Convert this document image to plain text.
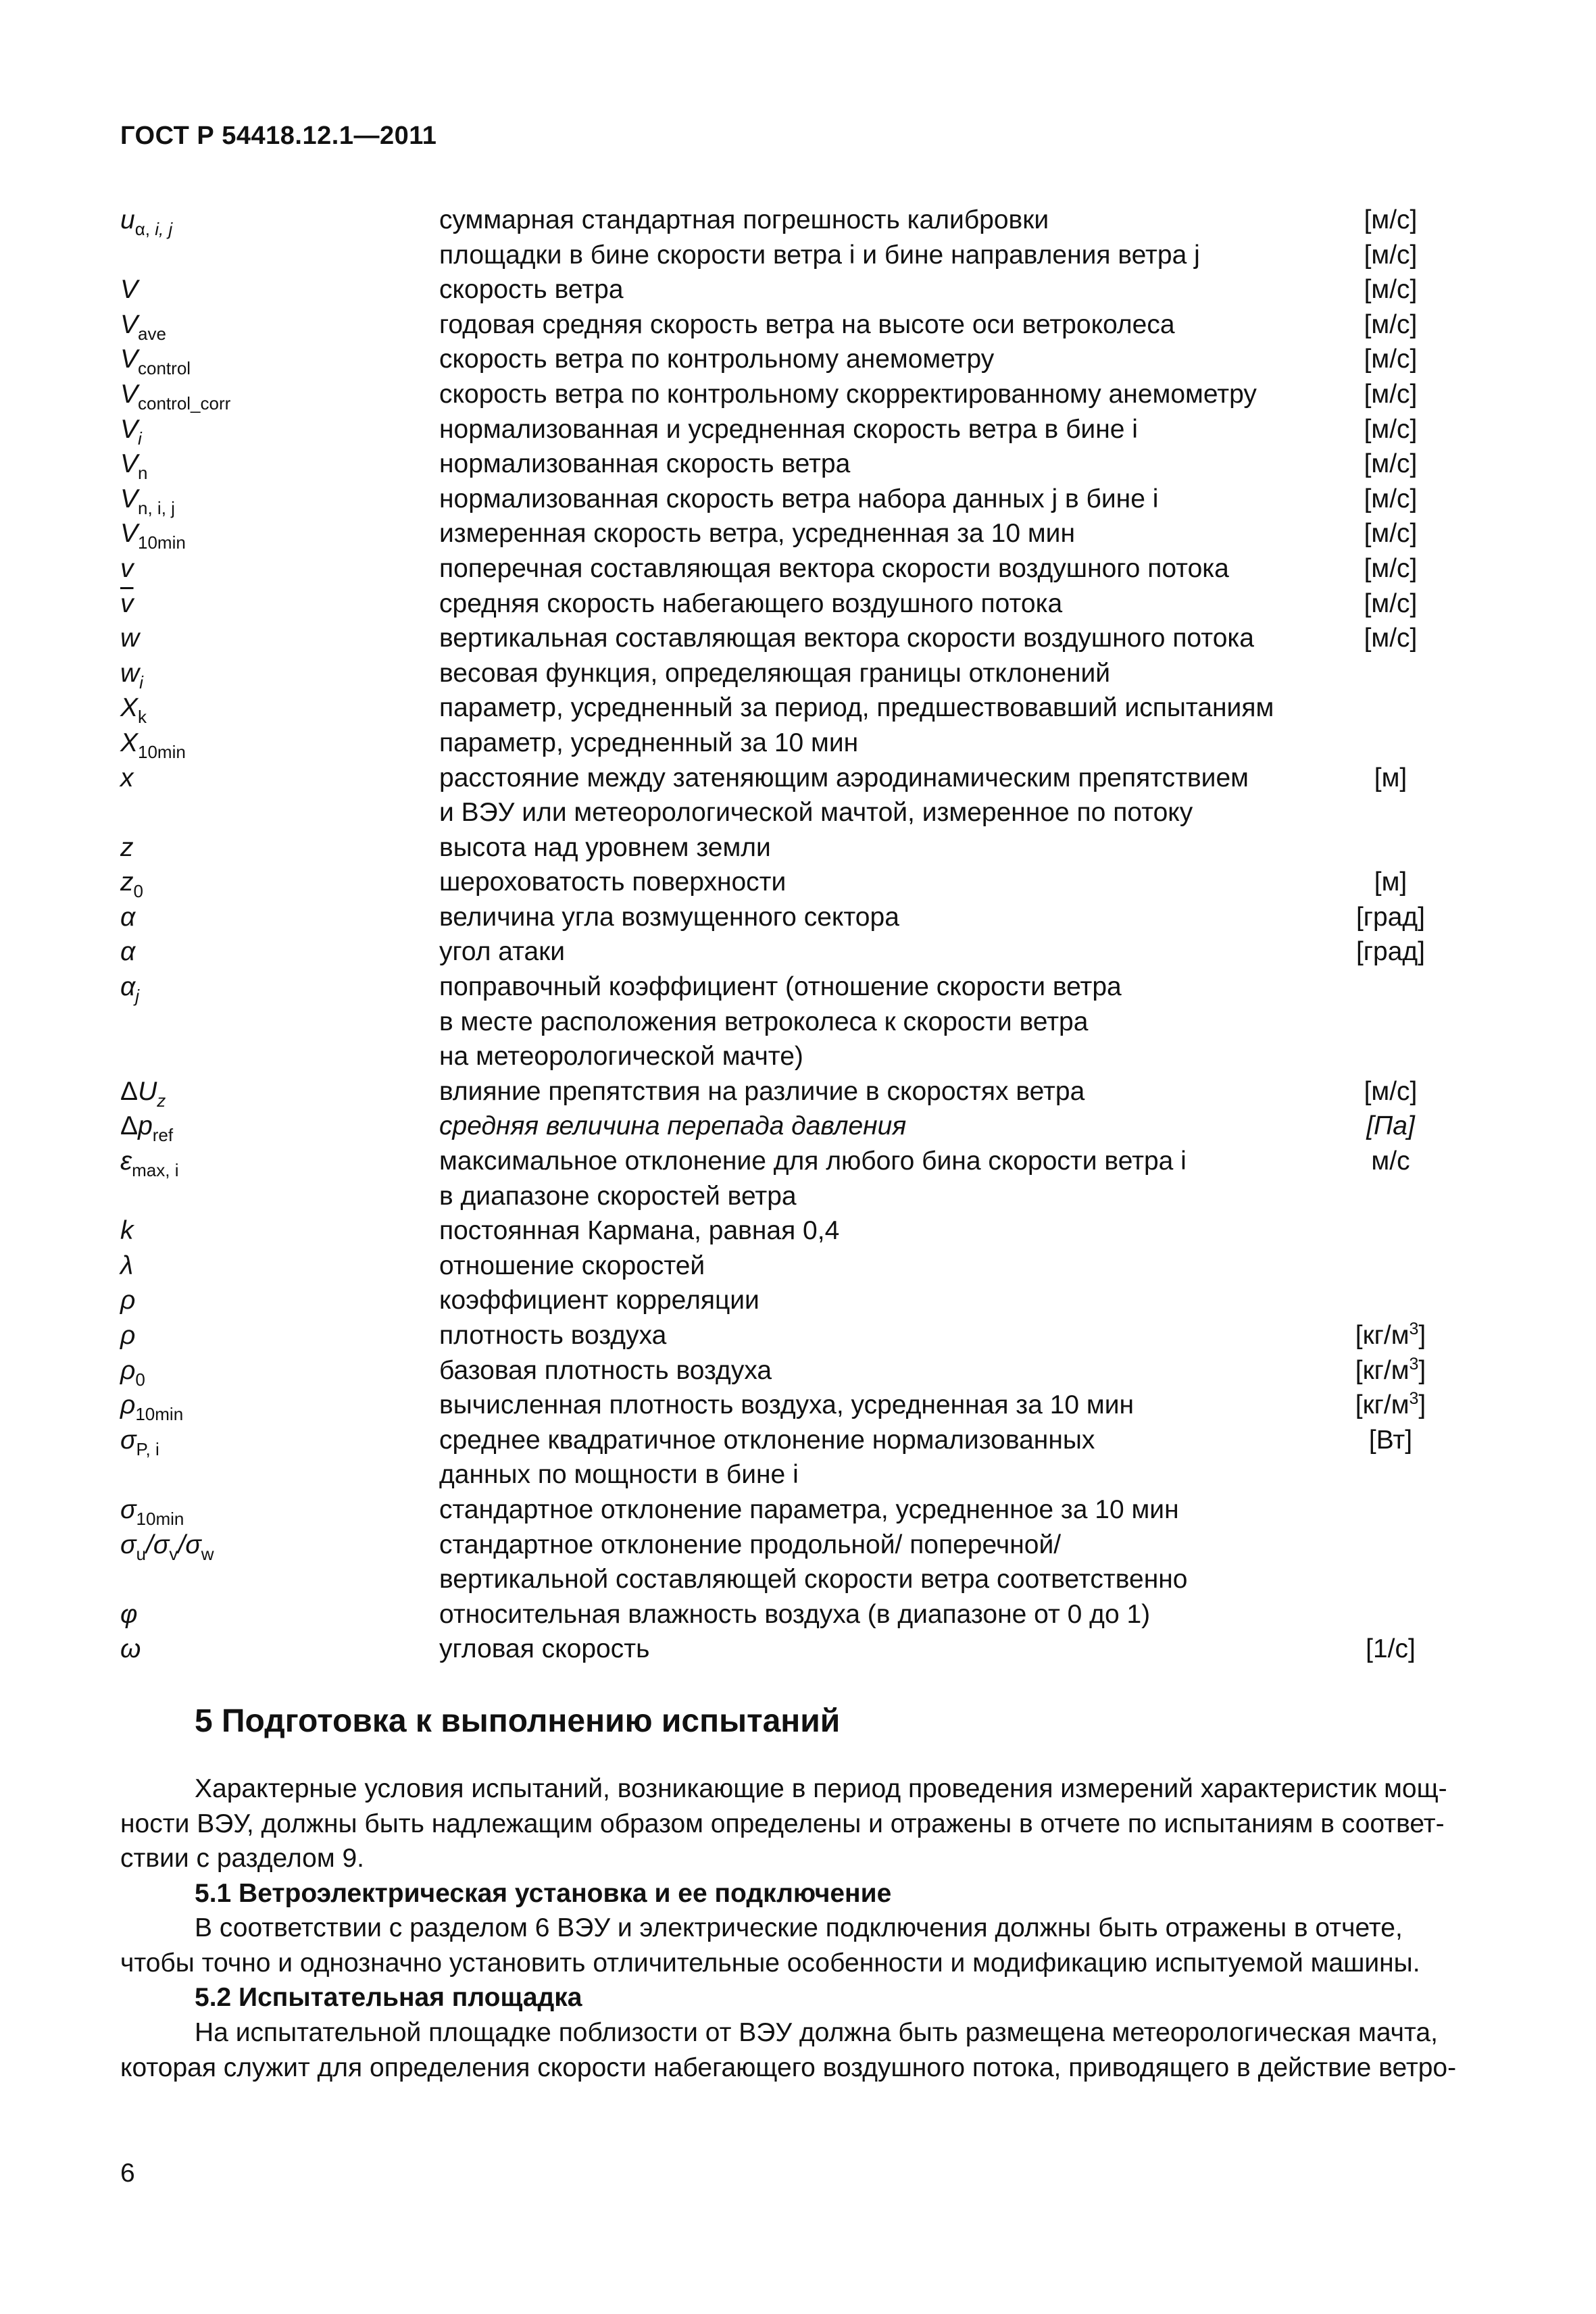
ГОСТ Р 54418.12.1—2011
$u_{\alpha,}$ $_{i, j}$	суммарная стандартная погрешность калибровки	[м/с]
площадки в бине скорости ветра i и бине направления ветра j	[м/с]
V	скорость ветра	[м/с]
$V_{ave}$	годовая средняя скорость ветра на высоте оси ветроколеса	[м/с]
$V_{control}$	скорость ветра по контрольному анемометру	[м/с]
$V_{control\_corr}$	скорость ветра по контрольному скорректированному анемометру	[м/с]
$V_i$	нормализованная и усредненная скорость ветра в бине i	[м/с]
$V_n$	нормализованная скорость ветра	[м/с]
$V_{n, i, j}$	нормализованная скорость ветра набора данных j в бине i	[м/с]
$V_{10min}$	измеренная скорость ветра, усредненная за 10 мин	[м/с]
v	поперечная составляющая вектора скорости воздушного потока	[м/с]
$\overline{v}$	средняя скорость набегающего воздушного потока	[м/с]
w	вертикальная составляющая вектора скорости воздушного потока	[м/с]
$w_i$	весовая функция, определяющая границы отклонений
$X_k$	параметр, усредненный за период, предшествовавший испытаниям
$X_{10min}$	параметр, усредненный за 10 мин
x	расстояние между затеняющим аэродинамическим препятствием	[м]
и ВЭУ или метеорологической мачтой, измеренное по потоку
z	высота над уровнем земли
$z_0$	шероховатость поверхности	[м]
α	величина угла возмущенного сектора	[град]
α	угол атаки	[град]
$\alpha_j$	поправочный коэффициент (отношение скорости ветра
в месте расположения ветроколеса к скорости ветра
на метеорологической мачте)
$\Delta U_z$	влияние препятствия на различие в скоростях ветра	[м/с]
$\Delta p_{ref}$	средняя величина перепада давления	[Па]
$\varepsilon_{max, i}$	максимальное отклонение для любого бина скорости ветра i	м/с
в диапазоне скоростей ветра
k	постоянная Кармана, равная 0,4
λ	отношение скоростей
ρ	коэффициент корреляции
ρ	плотность воздуха	$[кг/м^3]$
$\rho_0$	базовая плотность воздуха	$[кг/м^3]$
$\rho_{10min}$	вычисленная плотность воздуха, усредненная за 10 мин	$[кг/м^3]$
$\sigma_{P, i}$	среднее квадратичное отклонение нормализованных	[Вт]
данных по мощности в бине i
$\sigma_{10min}$	стандартное отклонение параметра, усредненное за 10 мин
$\sigma_u/\sigma_v/\sigma_w$	стандартное отклонение продольной/ поперечной/
вертикальной составляющей скорости ветра соответственно
φ	относительная влажность воздуха (в диапазоне от 0 до 1)
ω	угловая скорость	[1/с]
5 Подготовка к выполнению испытаний
Характерные условия испытаний, возникающие в период проведения измерений характеристик мощ-
ности ВЭУ, должны быть надлежащим образом определены и отражены в отчете по испытаниям в соответ-
ствии с разделом 9.
5.1 Ветроэлектрическая установка и ее подключение
В соответствии с разделом 6 ВЭУ и электрические подключения должны быть отражены в отчете,
чтобы точно и однозначно установить отличительные особенности и модификацию испытуемой машины.
5.2 Испытательная площадка
На испытательной площадке поблизости от ВЭУ должна быть размещена метеорологическая мачта,
которая служит для определения скорости набегающего воздушного потока, приводящего в действие ветро-
6
